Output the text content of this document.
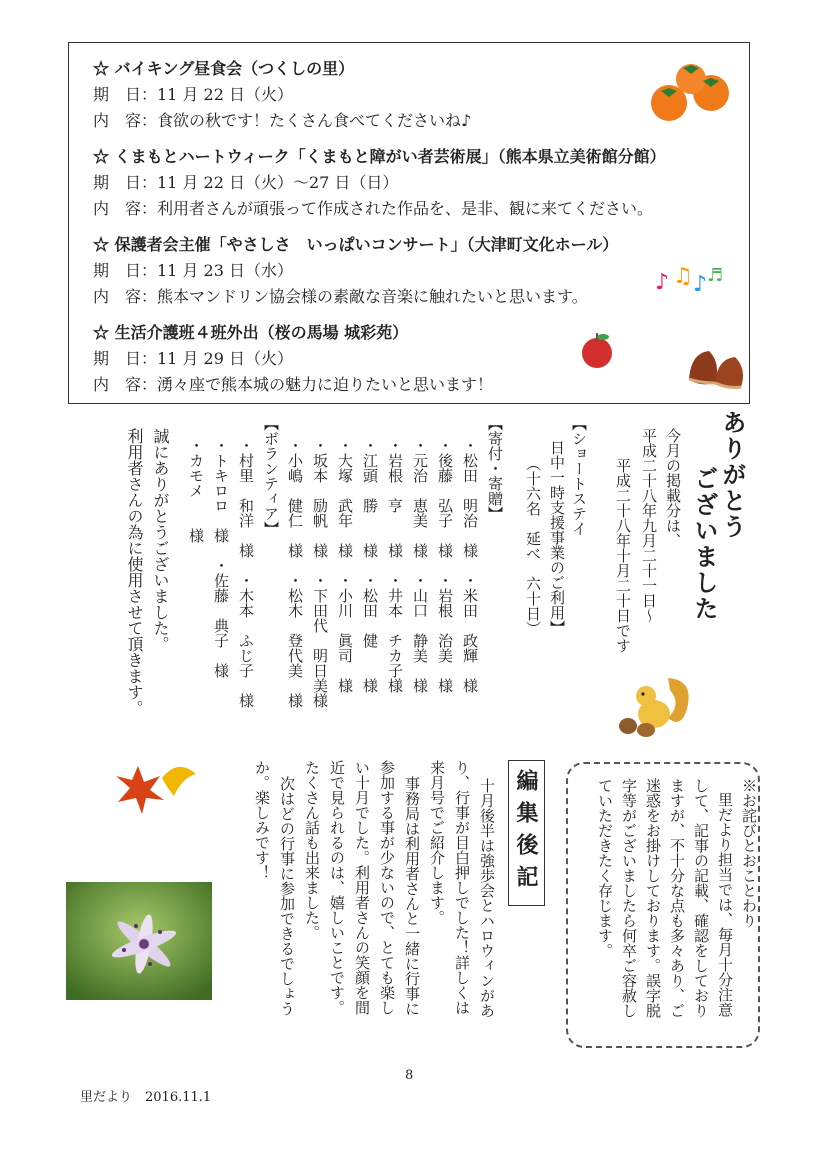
☆ バイキング昼食会（つくしの里）
期　日：11 月 22 日（火）
内　容：食欲の秋です！たくさん食べてくださいね♪
☆ くまもとハートウィーク「くまもと障がい者芸術展」（熊本県立美術館分館）
期　日：11 月 22 日（火）～27 日（日）
内　容：利用者さんが頑張って作成された作品を、是非、観に来てください。
☆ 保護者会主催「やさしさ　いっぱいコンサート」（大津町文化ホール）
期　日：11 月 23 日（水）
内　容：熊本マンドリン協会様の素敵な音楽に触れたいと思います。
☆ 生活介護班４班外出（桜の馬場 城彩苑）
期　日：11 月 29 日（火）
内　容：湧々座で熊本城の魅力に迫りたいと思います！
♪ ♫ ♪ ♬
ありがとう
ございました
今月の掲載分は、
平成二十八年九月二十一日～
平成二十八年十月二十日です
【ショートステイ
日中一時支援事業のご利用】
（十六名　延べ　六十日）
【寄付・寄贈】
・松田　明治　様　・米田　政輝　様
・後藤　弘子　様　・岩根　治美　様
・元治　恵美　様　・山口　静美　様
・岩根　亨　　様　・井本　チカ子様
・江頭　勝　　様　・松田　健　　様
・大塚　武年　様　・小川　眞司　様
・坂本　励帆　様　・下田代　明日美様
・小嶋　健仁　様　・松木　登代美　様
【ボランティア】
・村里　和洋　様　・木本　ふじ子　様
・トキロロ　様　・佐藤　典子　様
・カモメ　　様
誠にありがとうございました。
利用者さんの為に使用させて頂きます。
※お詫びとおことわり
里だより担当では、毎月十分注意
して、記事の記載、確認をしており
ますが、不十分な点も多々あり、ご
迷惑をお掛けしております。誤字脱
字等がございましたら何卒ご容赦し
ていただきたく存じます。
編集後記
十月後半は強歩会とハロウィンがあ
り、行事が目白押しでした！詳しくは
来月号でご紹介します。
事務局は利用者さんと一緒に行事に
参加する事が少ないので、とても楽し
い十月でした。利用者さんの笑顔を間
近で見られるのは、嬉しいことです。
たくさん話も出来ました。
次はどの行事に参加できるでしょう
か。楽しみです！
8
里だより　2016.11.1
